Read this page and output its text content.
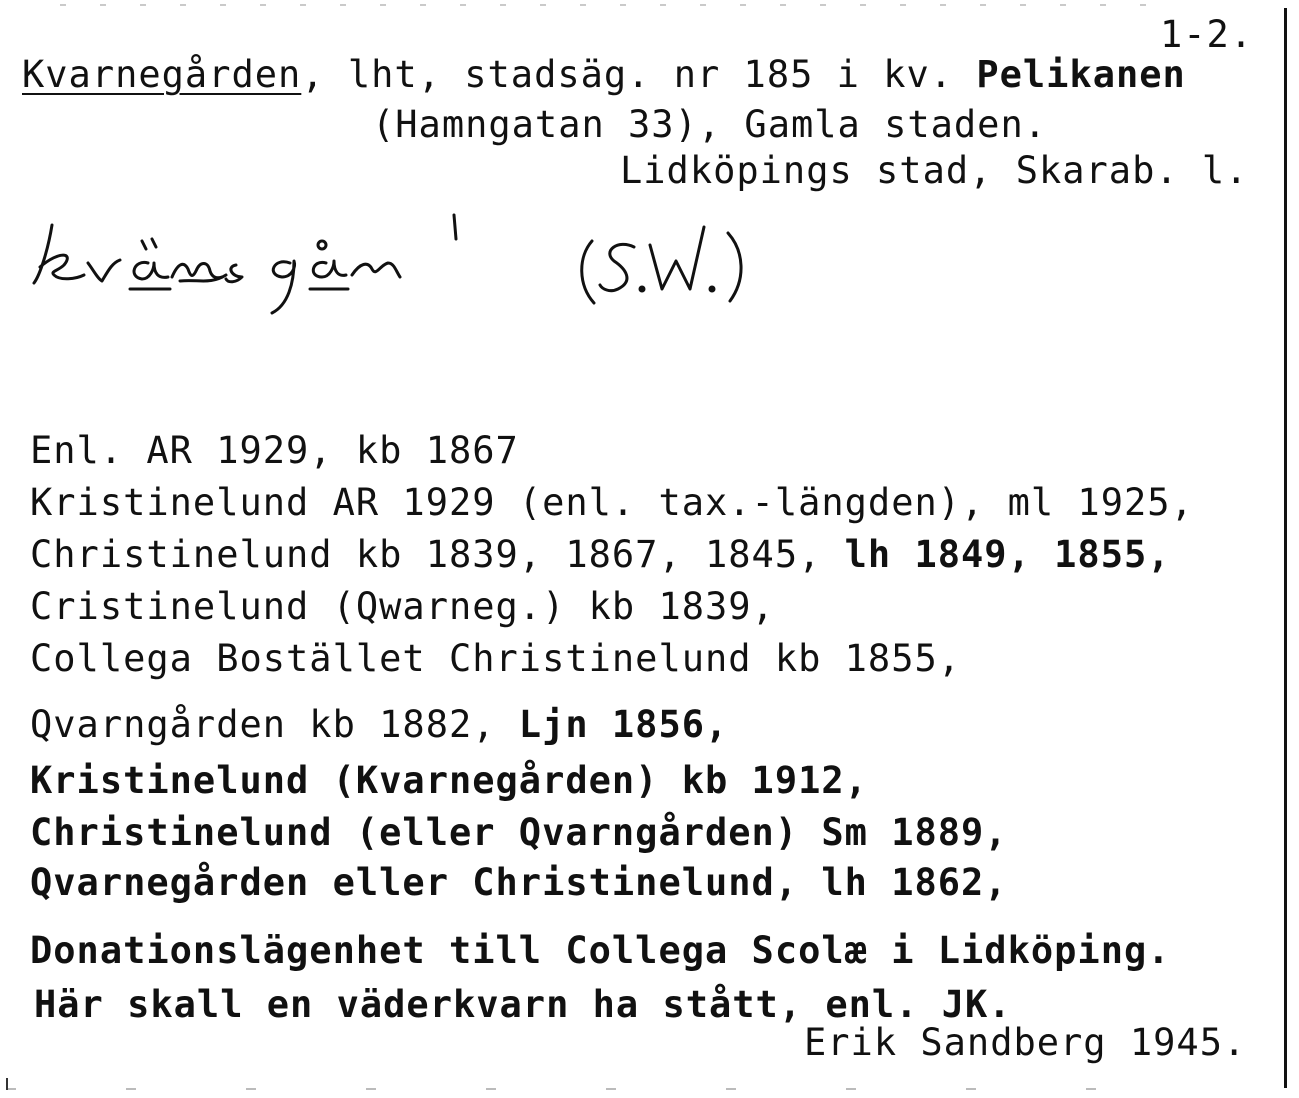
1-2.
Kvarnegården, lht, stadsäg. nr 185 i kv. Pelikanen
(Hamngatan 33), Gamla staden.
Lidköpings stad, Skarab. l.
Enl. AR 1929, kb 1867
Kristinelund AR 1929 (enl. tax.-längden), ml 1925,
Christinelund kb 1839, 1867, 1845, lh 1849, 1855,
Cristinelund (Qwarneg.) kb 1839,
Collega Bostället Christinelund kb 1855,
Qvarngården kb 1882, Ljn 1856,
Kristinelund (Kvarnegården) kb 1912,
Christinelund (eller Qvarngården) Sm 1889,
Qvarnegården eller Christinelund, lh 1862,
Donationslägenhet till Collega Scolæ i Lidköping.
Här skall en väderkvarn ha stått, enl. JK.
Erik Sandberg 1945.
